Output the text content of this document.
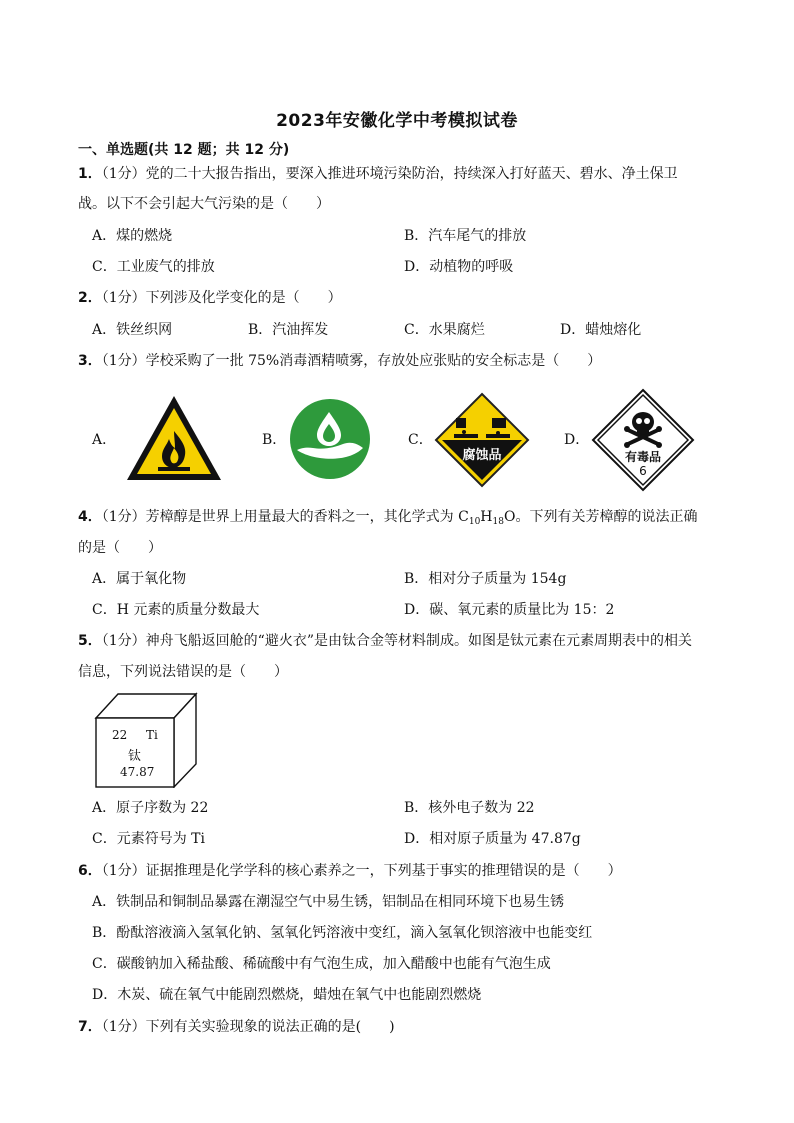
2023年安徽化学中考模拟试卷
一、单选题(共 12 题；共 12 分)
1．（1分）党的二十大报告指出，要深入推进环境污染防治，持续深入打好蓝天、碧水、净土保卫
战。以下不会引起大气污染的是（　　）
A．煤的燃烧	B．汽车尾气的排放
C．工业废气的排放	D．动植物的呼吸
2．（1分）下列涉及化学变化的是（　　）
A．铁丝织网	B．汽油挥发	C．水果腐烂	D．蜡烛熔化
3．（1分）学校采购了一批 75%消毒酒精喷雾，存放处应张贴的安全标志是（　　）
A．	B．	C．
腐蚀品
D．
有毒品
6
4．（1分）芳樟醇是世界上用量最大的香料之一，其化学式为 $C_{10}H_{18}O$。下列有关芳樟醇的说法正确
的是（　　）
A．属于氧化物	B．相对分子质量为 154g
C．H 元素的质量分数最大	D．碳、氧元素的质量比为 15：2
5．（1分）神舟飞船返回舱的“避火衣”是由钛合金等材料制成。如图是钛元素在元素周期表中的相关
信息，下列说法错误的是（　　）
22 Ti
钛
47.87
A．原子序数为 22	B．核外电子数为 22
C．元素符号为 Ti	D．相对原子质量为 47.87g
6．（1分）证据推理是化学学科的核心素养之一，下列基于事实的推理错误的是（　　）
A．铁制品和铜制品暴露在潮湿空气中易生锈，铝制品在相同环境下也易生锈
B．酚酞溶液滴入氢氧化钠、氢氧化钙溶液中变红，滴入氢氧化钡溶液中也能变红
C．碳酸钠加入稀盐酸、稀硫酸中有气泡生成，加入醋酸中也能有气泡生成
D．木炭、硫在氧气中能剧烈燃烧，蜡烛在氧气中也能剧烈燃烧
7．（1分）下列有关实验现象的说法正确的是(　　)
